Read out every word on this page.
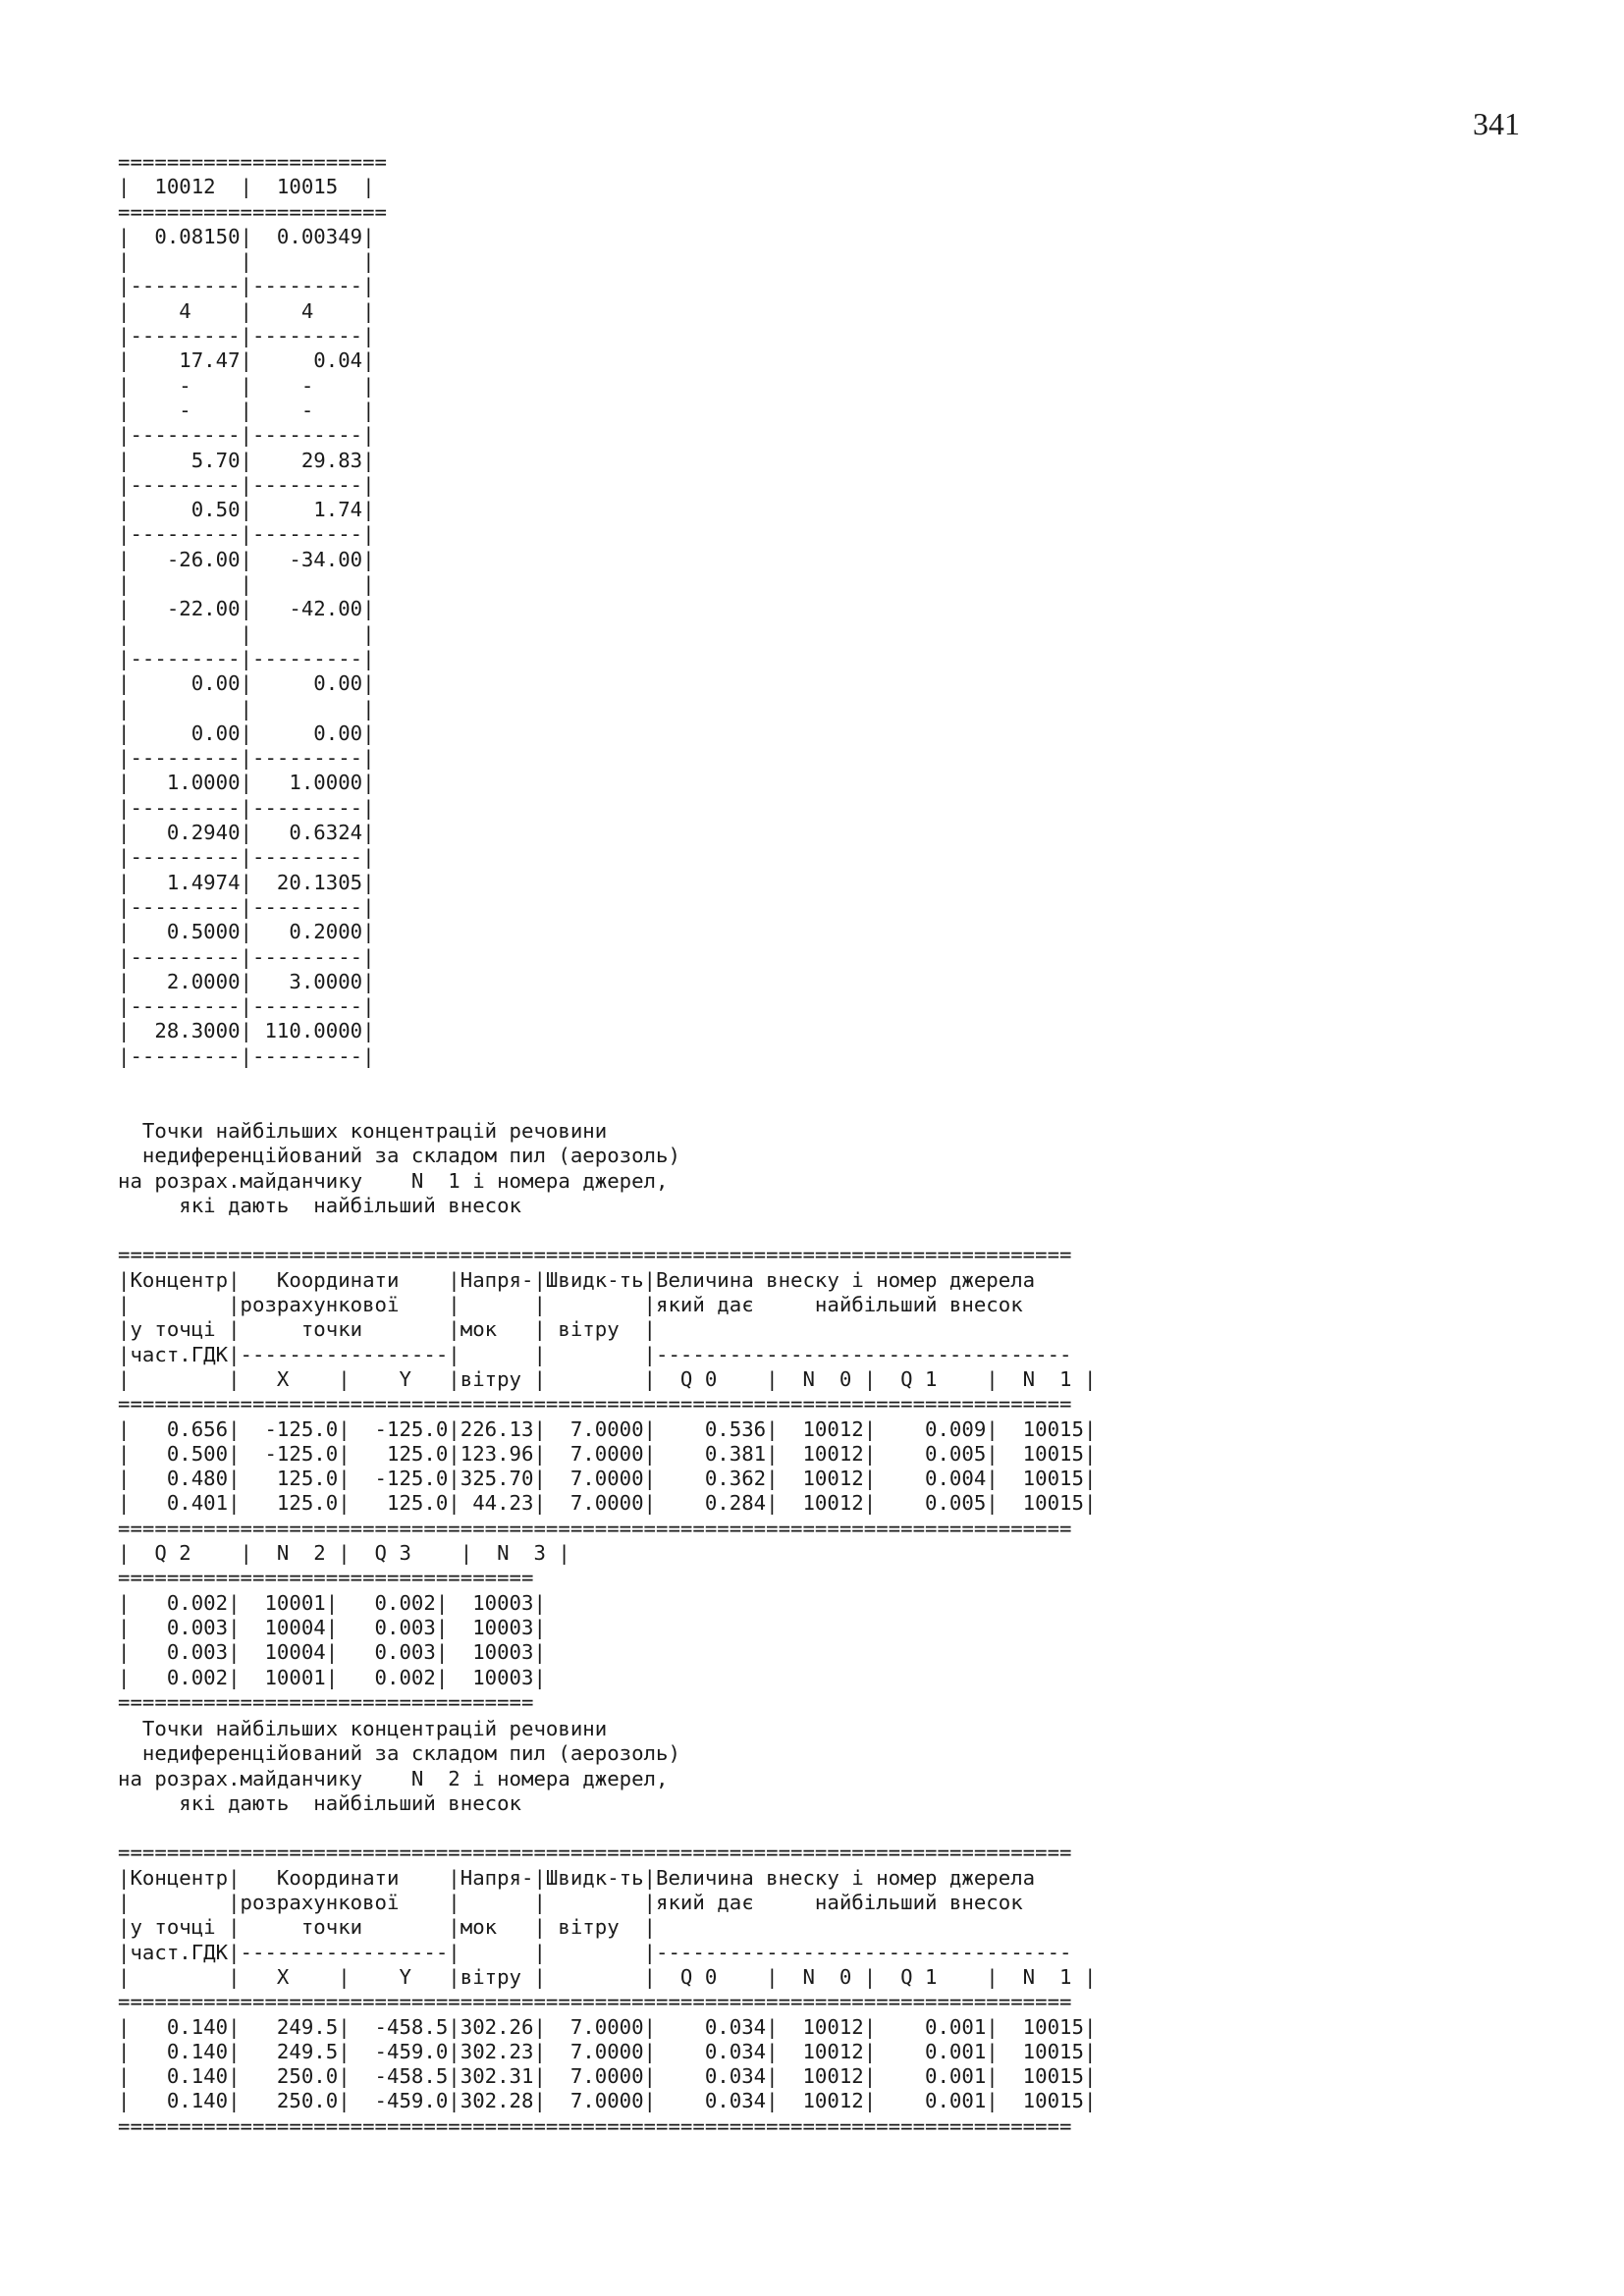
341
======================
|  10012  |  10015  |
======================
|  0.08150|  0.00349|
|         |         |
|---------|---------|
|    4    |    4    |
|---------|---------|
|    17.47|     0.04|
|    -    |    -    |
|    -    |    -    |
|---------|---------|
|     5.70|    29.83|
|---------|---------|
|     0.50|     1.74|
|---------|---------|
|   -26.00|   -34.00|
|         |         |
|   -22.00|   -42.00|
|         |         |
|---------|---------|
|     0.00|     0.00|
|         |         |
|     0.00|     0.00|
|---------|---------|
|   1.0000|   1.0000|
|---------|---------|
|   0.2940|   0.6324|
|---------|---------|
|   1.4974|  20.1305|
|---------|---------|
|   0.5000|   0.2000|
|---------|---------|
|   2.0000|   3.0000|
|---------|---------|
|  28.3000| 110.0000|
|---------|---------|
Точки найбільших концентрацій речовини
недиференційований за складом пил (аерозоль)
на розрах.майданчику    N  1 і номера джерел,
які дають  найбільший внесок

==============================================================================
|Концентр|   Координати    |Напря-|Швидк-ть|Величина внеску і номер джерела
|        |розрахункової    |      |        |який дає     найбільший внесок
|у точці |     точки       |мок   | вітру  |
|част.ГДК|-----------------|      |        |----------------------------------
|        |   X    |    Y   |вітру |        |  Q 0    |  N  0 |  Q 1    |  N  1 |
==============================================================================
|   0.656|  -125.0|  -125.0|226.13|  7.0000|    0.536|  10012|    0.009|  10015|
|   0.500|  -125.0|   125.0|123.96|  7.0000|    0.381|  10012|    0.005|  10015|
|   0.480|   125.0|  -125.0|325.70|  7.0000|    0.362|  10012|    0.004|  10015|
|   0.401|   125.0|   125.0| 44.23|  7.0000|    0.284|  10012|    0.005|  10015|
==============================================================================
|  Q 2    |  N  2 |  Q 3    |  N  3 |
==================================
|   0.002|  10001|   0.002|  10003|
|   0.003|  10004|   0.003|  10003|
|   0.003|  10004|   0.003|  10003|
|   0.002|  10001|   0.002|  10003|
==================================
Точки найбільших концентрацій речовини
недиференційований за складом пил (аерозоль)
на розрах.майданчику    N  2 і номера джерел,
які дають  найбільший внесок

==============================================================================
|Концентр|   Координати    |Напря-|Швидк-ть|Величина внеску і номер джерела
|        |розрахункової    |      |        |який дає     найбільший внесок
|у точці |     точки       |мок   | вітру  |
|част.ГДК|-----------------|      |        |----------------------------------
|        |   X    |    Y   |вітру |        |  Q 0    |  N  0 |  Q 1    |  N  1 |
==============================================================================
|   0.140|   249.5|  -458.5|302.26|  7.0000|    0.034|  10012|    0.001|  10015|
|   0.140|   249.5|  -459.0|302.23|  7.0000|    0.034|  10012|    0.001|  10015|
|   0.140|   250.0|  -458.5|302.31|  7.0000|    0.034|  10012|    0.001|  10015|
|   0.140|   250.0|  -459.0|302.28|  7.0000|    0.034|  10012|    0.001|  10015|
==============================================================================
